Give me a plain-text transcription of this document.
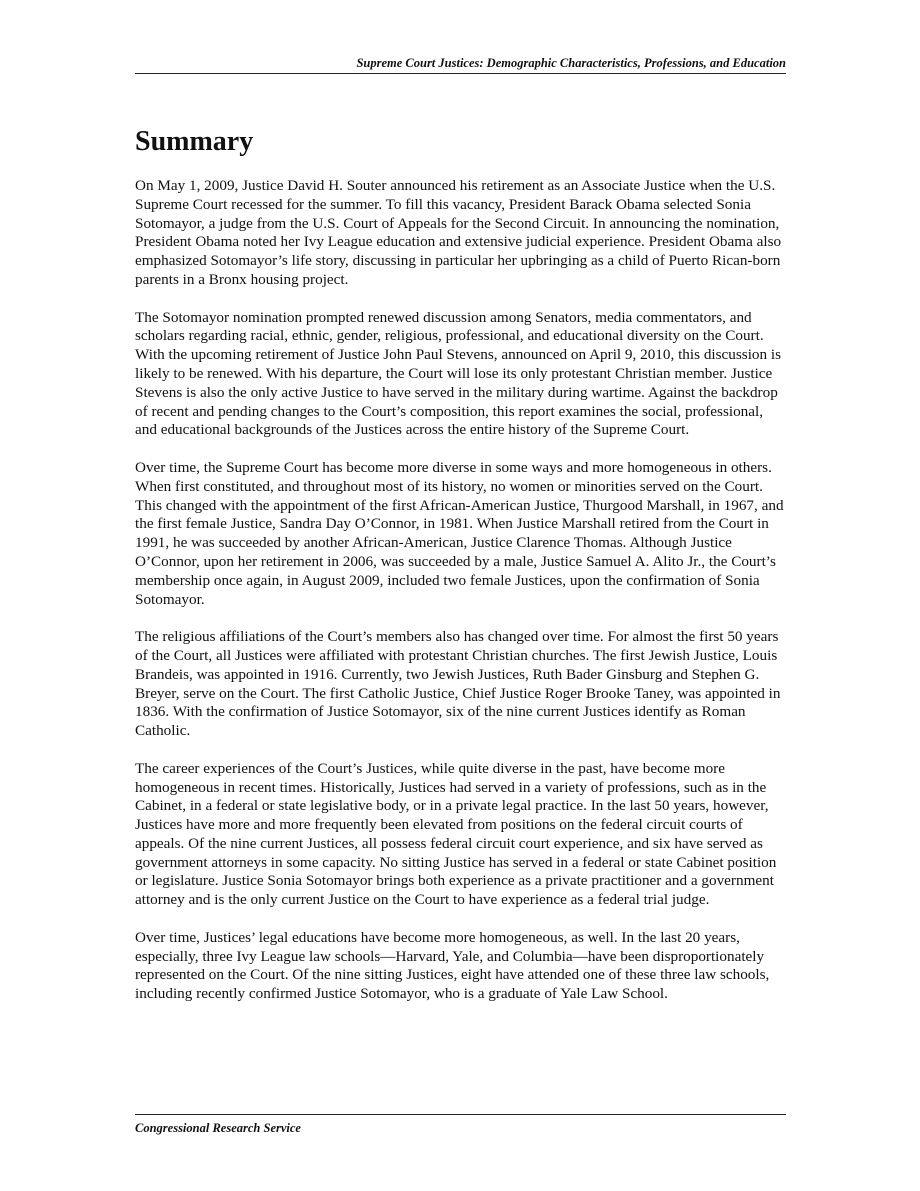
Supreme Court Justices: Demographic Characteristics, Professions, and Education
Summary

On May 1, 2009, Justice David H. Souter announced his retirement as an Associate Justice when the U.S. Supreme Court recessed for the summer. To fill this vacancy, President Barack Obama selected Sonia Sotomayor, a judge from the U.S. Court of Appeals for the Second Circuit. In announcing the nomination, President Obama noted her Ivy League education and extensive judicial experience. President Obama also emphasized Sotomayor’s life story, discussing in particular her upbringing as a child of Puerto Rican-born parents in a Bronx housing project.

The Sotomayor nomination prompted renewed discussion among Senators, media commentators, and scholars regarding racial, ethnic, gender, religious, professional, and educational diversity on the Court. With the upcoming retirement of Justice John Paul Stevens, announced on April 9, 2010, this discussion is likely to be renewed. With his departure, the Court will lose its only protestant Christian member. Justice Stevens is also the only active Justice to have served in the military during wartime. Against the backdrop of recent and pending changes to the Court’s composition, this report examines the social, professional, and educational backgrounds of the Justices across the entire history of the Supreme Court.

Over time, the Supreme Court has become more diverse in some ways and more homogeneous in others. When first constituted, and throughout most of its history, no women or minorities served on the Court. This changed with the appointment of the first African-American Justice, Thurgood Marshall, in 1967, and the first female Justice, Sandra Day O’Connor, in 1981. When Justice Marshall retired from the Court in 1991, he was succeeded by another African-American, Justice Clarence Thomas. Although Justice O’Connor, upon her retirement in 2006, was succeeded by a male, Justice Samuel A. Alito Jr., the Court’s membership once again, in August 2009, included two female Justices, upon the confirmation of Sonia Sotomayor.

The religious affiliations of the Court’s members also has changed over time. For almost the first 50 years of the Court, all Justices were affiliated with protestant Christian churches. The first Jewish Justice, Louis Brandeis, was appointed in 1916. Currently, two Jewish Justices, Ruth Bader Ginsburg and Stephen G. Breyer, serve on the Court. The first Catholic Justice, Chief Justice Roger Brooke Taney, was appointed in 1836. With the confirmation of Justice Sotomayor, six of the nine current Justices identify as Roman Catholic.

The career experiences of the Court’s Justices, while quite diverse in the past, have become more homogeneous in recent times. Historically, Justices had served in a variety of professions, such as in the Cabinet, in a federal or state legislative body, or in a private legal practice. In the last 50 years, however, Justices have more and more frequently been elevated from positions on the federal circuit courts of appeals. Of the nine current Justices, all possess federal circuit court experience, and six have served as government attorneys in some capacity. No sitting Justice has served in a federal or state Cabinet position or legislature. Justice Sonia Sotomayor brings both experience as a private practitioner and a government attorney and is the only current Justice on the Court to have experience as a federal trial judge.

Over time, Justices’ legal educations have become more homogeneous, as well. In the last 20 years, especially, three Ivy League law schools—Harvard, Yale, and Columbia—have been disproportionately represented on the Court. Of the nine sitting Justices, eight have attended one of these three law schools, including recently confirmed Justice Sotomayor, who is a graduate of Yale Law School.

Congressional Research Service
